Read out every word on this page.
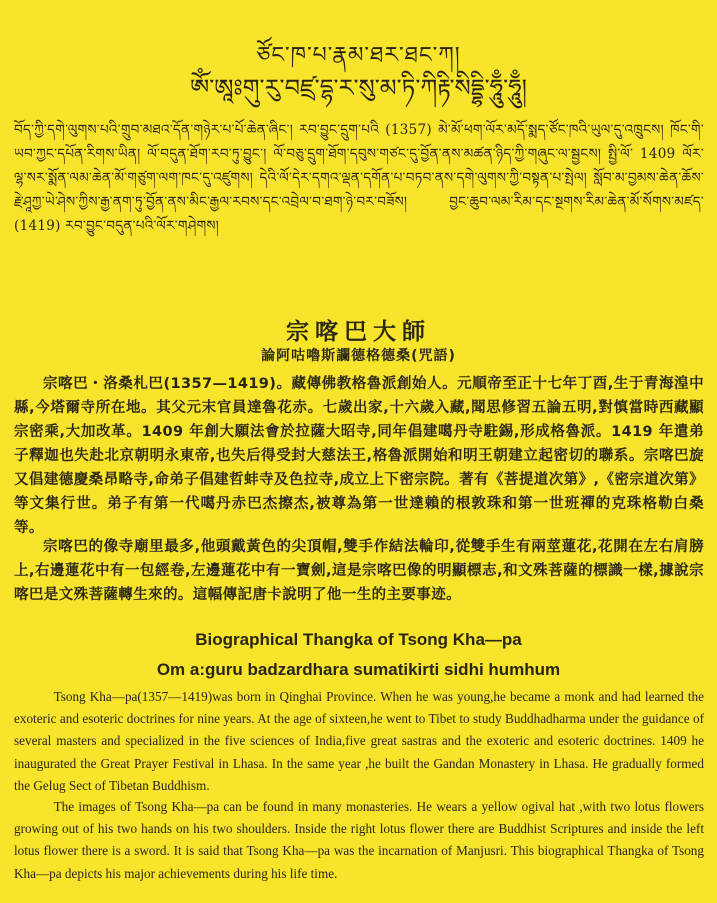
ཙོང་ཁ་པ་རྣམ་ཐར་ཐང་ཀ།
ཨོཾ་ཨཱཿགུ་རུ་བཛྲ་དྷ་ར་སུ་མ་ཏི་ཀིརྟི་སིདྡྷི་ཧཱུྃ་ཧཱུྃ།
བོད་ཀྱི་དགེ་ལུགས་པའི་གྲུབ་མཐའ་དོན་གཉེར་པ་པོ་ཆེན་ཞིང་། རབ་བྱུང་དྲུག་པའི (1357) མེ་མོ་ཕག་ལོར་མདོ་སྨད་ཙོང་ཁའི་ཡུལ་དུ་འཁྲུངས། ཁོང་གི་ཡབ་ཀྱང་དཔོན་རིགས་ཡིན། ལོ་བདུན་ཐོག་རབ་ཏུ་བྱུང་། ལོ་བཅུ་དྲུག་ཐོག་དབུས་གཙང་དུ་བྱོན་ནས་མཚན་ཉིད་ཀྱི་གཞུང་ལ་སྦྱངས། སྤྱི་ལོ་ 1409 ལོར་ལྷ་སར་སྨོན་ལམ་ཆེན་མོ་གཙུག་ལག་ཁང་དུ་འཛུགས། དེའི་ལོ་དེར་དགའ་ལྡན་དགོན་པ་བཏབ་ནས་དགེ་ལུགས་ཀྱི་བསྟན་པ་སྤེལ། སློབ་མ་བྱམས་ཆེན་ཆོས་རྗེ་ཤཱཀྱ་ཡེ་ཤེས་ཀྱིས་རྒྱ་ནག་ཏུ་བྱོན་ནས་མིང་རྒྱལ་རབས་དང་འབྲེལ་བ་ཐག་ཉེ་བར་བཟོས། བྱང་ཆུབ་ལམ་རིམ་དང་སྔགས་རིམ་ཆེན་མོ་སོགས་མཛད་ (1419) རབ་བྱུང་བདུན་པའི་ལོར་གཤེགས།
宗喀巴大師
論阿咕嚕斯讕德格德桑(咒語)
宗喀巴・洛桑札巴(1357—1419)。藏傳佛教格魯派創始人。元順帝至正十七年丁酉,生于青海湟中縣,今塔爾寺所在地。其父元末官員達魯花赤。七歲出家,十六歲入藏,聞思修習五論五明,對慎當時西藏顯宗密乘,大加改革。1409 年創大願法會於拉薩大昭寺,同年倡建噶丹寺駐錫,形成格魯派。1419 年遣弟子釋迦也失赴北京朝明永東帝,也失后得受封大慈法王,格魯派開始和明王朝建立起密切的聯系。宗喀巴旋又倡建德慶桑昂略寺,命弟子倡建哲蚌寺及色拉寺,成立上下密宗院。著有《菩提道次第》,《密宗道次第》等文集行世。弟子有第一代噶丹赤巴杰擦杰,被尊為第一世達賴的根敦珠和第一世班禪的克珠格勒白桑等。
宗喀巴的像寺廟里最多,他頭戴黃色的尖頂帽,雙手作結法輪印,從雙手生有兩莖蓮花,花開在左右肩膀上,右邊蓮花中有一包經卷,左邊蓮花中有一寶劍,這是宗喀巴像的明顯標志,和文殊菩薩的標識一樣,據說宗喀巴是文殊菩薩轉生來的。這幅傳記唐卡說明了他一生的主要事迹。
Biographical Thangka of Tsong Kha—pa
Om a:guru badzardhara sumatikirti sidhi humhum
Tsong Kha—pa(1357—1419)was born in Qinghai Province. When he was young,he became a monk and had learned the exoteric and esoteric doctrines for nine years. At the age of sixteen,he went to Tibet to study Buddhadharma under the guidance of several masters and specialized in the five sciences of India,five great sastras and the exoteric and esoteric doctrines. 1409 he inaugurated the Great Prayer Festival in Lhasa. In the same year ,he built the Gandan Monastery in Lhasa. He gradually formed the Gelug Sect of Tibetan Buddhism.
The images of Tsong Kha—pa can be found in many monasteries. He wears a yellow ogival hat ,with two lotus flowers growing out of his two hands on his two shoulders. Inside the right lotus flower there are Buddhist Scriptures and inside the left lotus flower there is a sword. It is said that Tsong Kha—pa was the incarnation of Manjusri. This biographical Thangka of Tsong Kha—pa depicts his major achievements during his life time.
